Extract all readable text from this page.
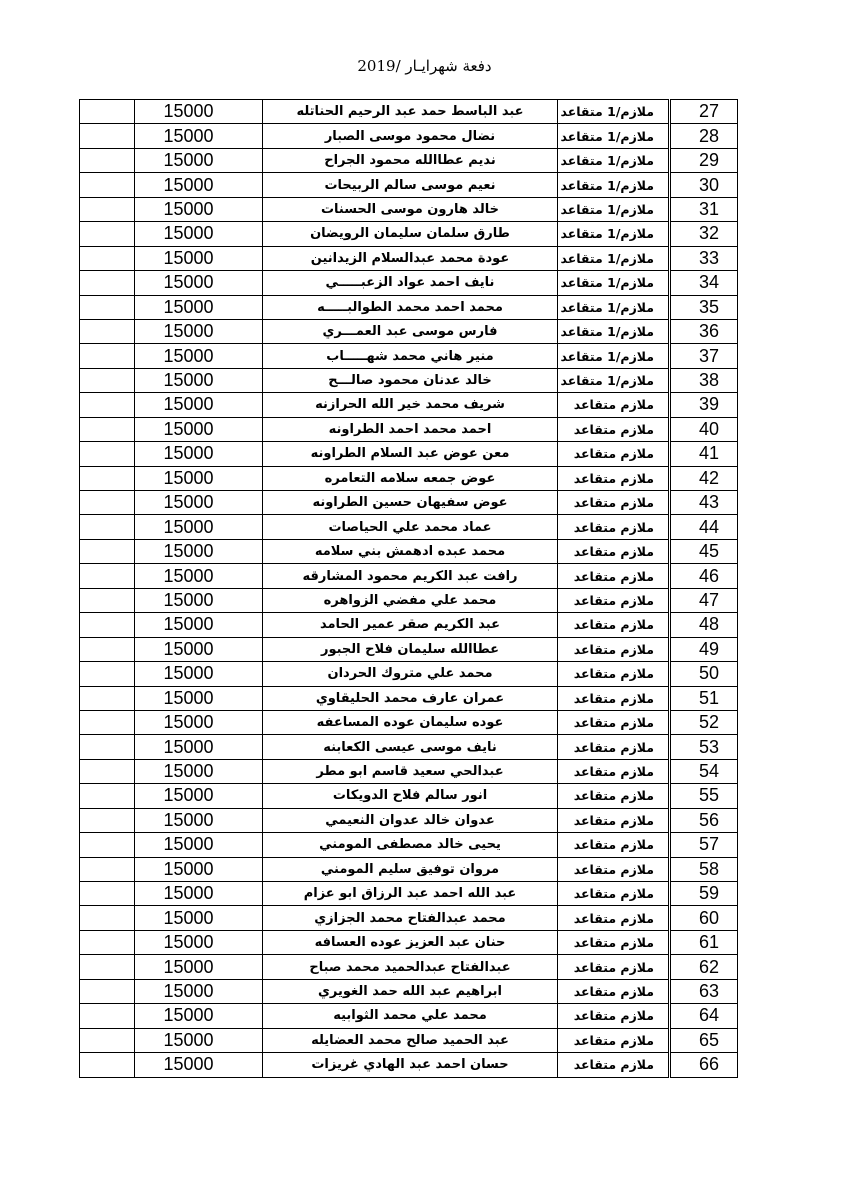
دفعة شهرايـار /2019
	15000	عبد الباسط حمد عبد الرحيم الحناتله	ملازم/1 متقاعد	27
	15000	نضال محمود موسى الصبار	ملازم/1 متقاعد	28
	15000	نديم عطاالله محمود الجراح	ملازم/1 متقاعد	29
	15000	نعيم موسى سالم الربيحات	ملازم/1 متقاعد	30
	15000	خالد هارون موسى الحسنات	ملازم/1 متقاعد	31
	15000	طارق سلمان سليمان الرويضان	ملازم/1 متقاعد	32
	15000	عودة محمد عبدالسلام الزيدانين	ملازم/1 متقاعد	33
	15000	نايف احمد عواد الزعبـــــي	ملازم/1 متقاعد	34
	15000	محمد احمد محمد الطوالبـــــه	ملازم/1 متقاعد	35
	15000	فارس موسى عبد العمـــري	ملازم/1 متقاعد	36
	15000	منير هاني محمد شهـــــاب	ملازم/1 متقاعد	37
	15000	خالد عدنان محمود صالـــح	ملازم/1 متقاعد	38
	15000	شريف محمد خير الله الحرازنه	ملازم متقاعد	39
	15000	احمد محمد احمد الطراونه	ملازم متقاعد	40
	15000	معن عوض عبد السلام الطراونه	ملازم متقاعد	41
	15000	عوض جمعه سلامه التعامره	ملازم متقاعد	42
	15000	عوض سفيهان حسين الطراونه	ملازم متقاعد	43
	15000	عماد محمد علي الحياصات	ملازم متقاعد	44
	15000	محمد عبده ادهمش بني سلامه	ملازم متقاعد	45
	15000	رافت عبد الكريم محمود المشارقه	ملازم متقاعد	46
	15000	محمد علي مفضي الزواهره	ملازم متقاعد	47
	15000	عبد الكريم صقر عمير الحامد	ملازم متقاعد	48
	15000	عطاالله سليمان فلاح الجبور	ملازم متقاعد	49
	15000	محمد علي متروك الحردان	ملازم متقاعد	50
	15000	عمران عارف محمد الحليقاوي	ملازم متقاعد	51
	15000	عوده سليمان عوده المساعفه	ملازم متقاعد	52
	15000	نايف موسى عيسى الكعابنه	ملازم متقاعد	53
	15000	عبدالحي سعيد قاسم ابو مطر	ملازم متقاعد	54
	15000	انور سالم فلاح الدويكات	ملازم متقاعد	55
	15000	عدوان خالد عدوان النعيمي	ملازم متقاعد	56
	15000	يحيى خالد مصطفى المومني	ملازم متقاعد	57
	15000	مروان توفيق سليم المومني	ملازم متقاعد	58
	15000	عبد الله احمد عبد الرزاق ابو عزام	ملازم متقاعد	59
	15000	محمد عبدالفتاح محمد الجزازي	ملازم متقاعد	60
	15000	حنان عبد العزيز عوده العسافه	ملازم متقاعد	61
	15000	عبدالفتاح عبدالحميد محمد صباح	ملازم متقاعد	62
	15000	ابراهيم عبد الله حمد الغويري	ملازم متقاعد	63
	15000	محمد علي محمد الثوابيه	ملازم متقاعد	64
	15000	عبد الحميد صالح محمد العضايله	ملازم متقاعد	65
	15000	حسان احمد عبد الهادي غريزات	ملازم متقاعد	66
